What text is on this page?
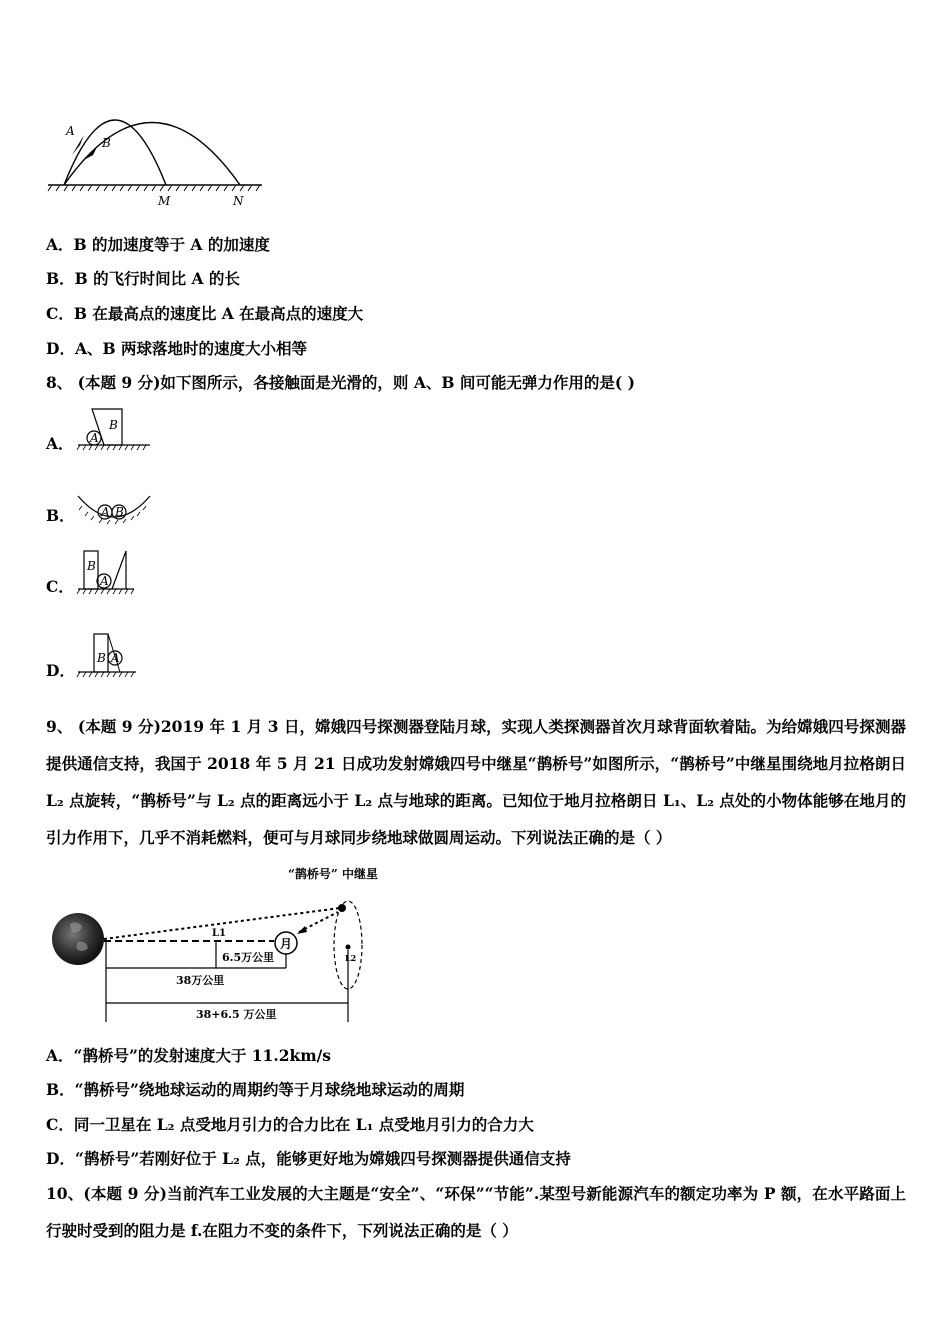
A
B
M	N
A．B 的加速度等于 A 的加速度
B．B 的飞行时间比 A 的长
C．B 在最高点的速度比 A 在最高点的速度大
D．A、B 两球落地时的速度大小相等
8、 (本题 9 分)如下图所示，各接触面是光滑的，则 A、B 间可能无弹力作用的是( )
A． A
B
B． A B
C．
B
A
D．
B A
9、 (本题 9 分)2019 年 1 月 3 日，嫦娥四号探测器登陆月球，实现人类探测器首次月球背面软着陆。为给嫦娥四号探测器提供通信支持，我国于 2018 年 5 月 21 日成功发射嫦娥四号中继星“鹊桥号”如图所示，“鹊桥号”中继星围绕地月拉格朗日 L₂ 点旋转，“鹊桥号”与 L₂ 点的距离远小于 L₂ 点与地球的距离。已知位于地月拉格朗日 L₁、L₂ 点处的小物体能够在地月的引力作用下，几乎不消耗燃料，便可与月球同步绕地球做圆周运动。下列说法正确的是（ ）
“鹊桥号” 中继星
月
L2
L1
6.5万公里
38万公里
38+6.5 万公里
A．“鹊桥号”的发射速度大于 11.2km/s
B．“鹊桥号”绕地球运动的周期约等于月球绕地球运动的周期
C．同一卫星在 L₂ 点受地月引力的合力比在 L₁ 点受地月引力的合力大
D．“鹊桥号”若刚好位于 L₂ 点，能够更好地为嫦娥四号探测器提供通信支持
10、(本题 9 分)当前汽车工业发展的大主题是“安全”、“环保”“节能”.某型号新能源汽车的额定功率为 P 额，在水平路面上行驶时受到的阻力是 f.在阻力不变的条件下，下列说法正确的是（ ）
